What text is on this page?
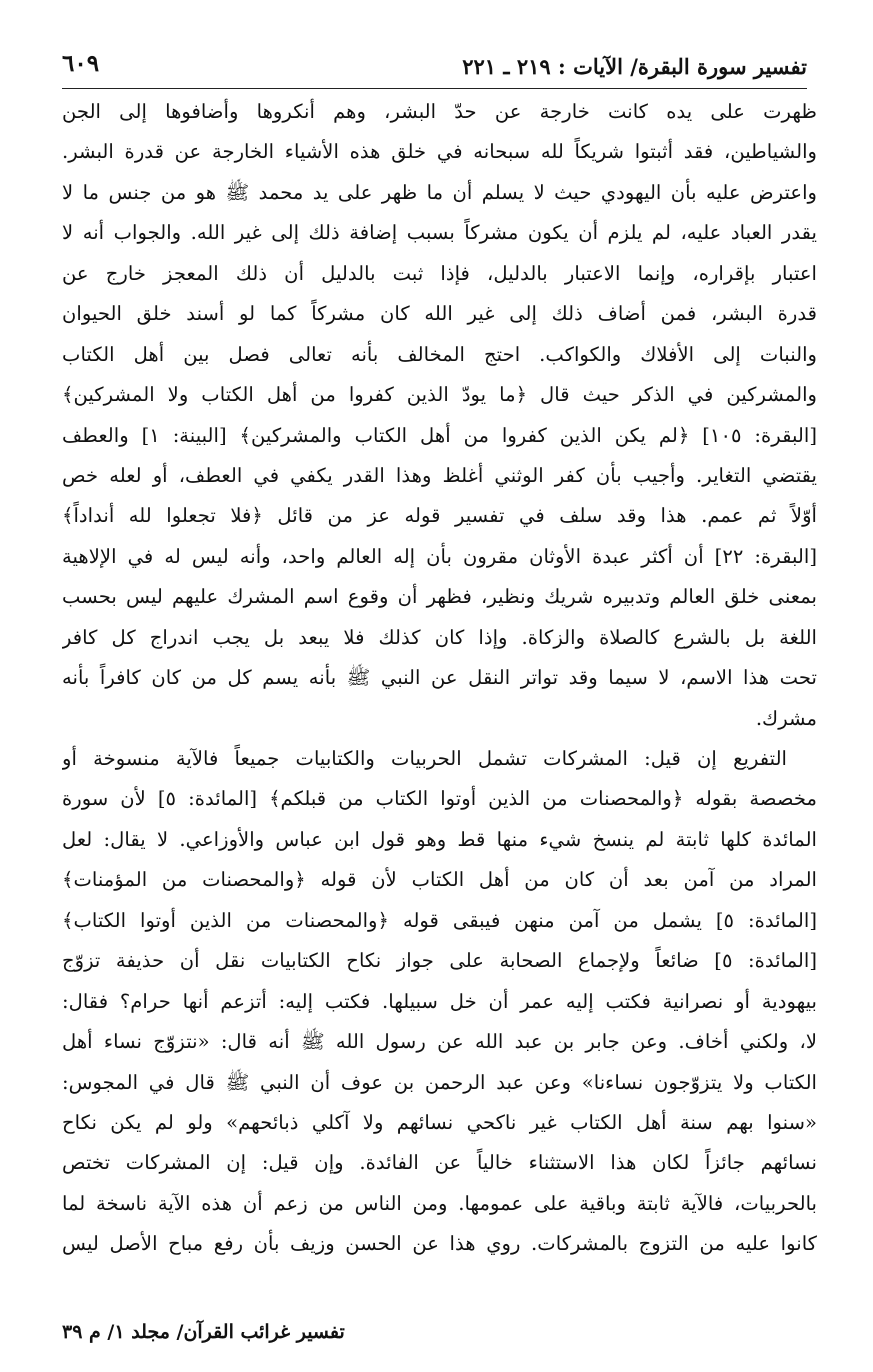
تفسير سورة البقرة/ الآيات : ٢١٩ ـ ٢٢١
٦٠٩
ظهرت على يده كانت خارجة عن حدّ البشر، وهم أنكروها وأضافوها إلى الجن
والشياطين، فقد أثبتوا شريكاً لله سبحانه في خلق هذه الأشياء الخارجة عن قدرة البشر.
واعترض عليه بأن اليهودي حيث لا يسلم أن ما ظهر على يد محمد ﷺ هو من جنس ما لا
يقدر العباد عليه، لم يلزم أن يكون مشركاً بسبب إضافة ذلك إلى غير الله. والجواب أنه لا
اعتبار بإقراره، وإنما الاعتبار بالدليل، فإذا ثبت بالدليل أن ذلك المعجز خارج عن
قدرة البشر، فمن أضاف ذلك إلى غير الله كان مشركاً كما لو أسند خلق الحيوان
والنبات إلى الأفلاك والكواكب. احتج المخالف بأنه تعالى فصل بين أهل الكتاب
والمشركين في الذكر حيث قال ﴿ما يودّ الذين كفروا من أهل الكتاب ولا المشركين﴾
[البقرة: ١٠٥] ﴿لم يكن الذين كفروا من أهل الكتاب والمشركين﴾ [البينة: ١] والعطف
يقتضي التغاير. وأجيب بأن كفر الوثني أغلظ وهذا القدر يكفي في العطف، أو لعله خص
أوّلاً ثم عمم. هذا وقد سلف في تفسير قوله عز من قائل ﴿فلا تجعلوا لله أنداداً﴾
[البقرة: ٢٢] أن أكثر عبدة الأوثان مقرون بأن إله العالم واحد، وأنه ليس له في الإلاهية
بمعنى خلق العالم وتدبيره شريك ونظير، فظهر أن وقوع اسم المشرك عليهم ليس بحسب
اللغة بل بالشرع كالصلاة والزكاة. وإذا كان كذلك فلا يبعد بل يجب اندراج كل كافر
تحت هذا الاسم، لا سيما وقد تواتر النقل عن النبي ﷺ بأنه يسم كل من كان كافراً بأنه
مشرك.
التفريع إن قيل: المشركات تشمل الحربيات والكتابيات جميعاً فالآية منسوخة أو
مخصصة بقوله ﴿والمحصنات من الذين أوتوا الكتاب من قبلكم﴾ [المائدة: ٥] لأن سورة
المائدة كلها ثابتة لم ينسخ شيء منها قط وهو قول ابن عباس والأوزاعي. لا يقال: لعل
المراد من آمن بعد أن كان من أهل الكتاب لأن قوله ﴿والمحصنات من المؤمنات﴾
[المائدة: ٥] يشمل من آمن منهن فيبقى قوله ﴿والمحصنات من الذين أوتوا الكتاب﴾
[المائدة: ٥] ضائعاً ولإجماع الصحابة على جواز نكاح الكتابيات نقل أن حذيفة تزوّج
بيهودية أو نصرانية فكتب إليه عمر أن خل سبيلها. فكتب إليه: أتزعم أنها حرام؟ فقال:
لا، ولكني أخاف. وعن جابر بن عبد الله عن رسول الله ﷺ أنه قال: «نتزوّج نساء أهل
الكتاب ولا يتزوّجون نساءنا» وعن عبد الرحمن بن عوف أن النبي ﷺ قال في المجوس:
«سنوا بهم سنة أهل الكتاب غير ناكحي نسائهم ولا آكلي ذبائحهم» ولو لم يكن نكاح
نسائهم جائزاً لكان هذا الاستثناء خالياً عن الفائدة. وإن قيل: إن المشركات تختص
بالحربيات، فالآية ثابتة وباقية على عمومها. ومن الناس من زعم أن هذه الآية ناسخة لما
كانوا عليه من التزوج بالمشركات. روي هذا عن الحسن وزيف بأن رفع مباح الأصل ليس
تفسير غرائب القرآن/ مجلد ١/ م ٣٩
